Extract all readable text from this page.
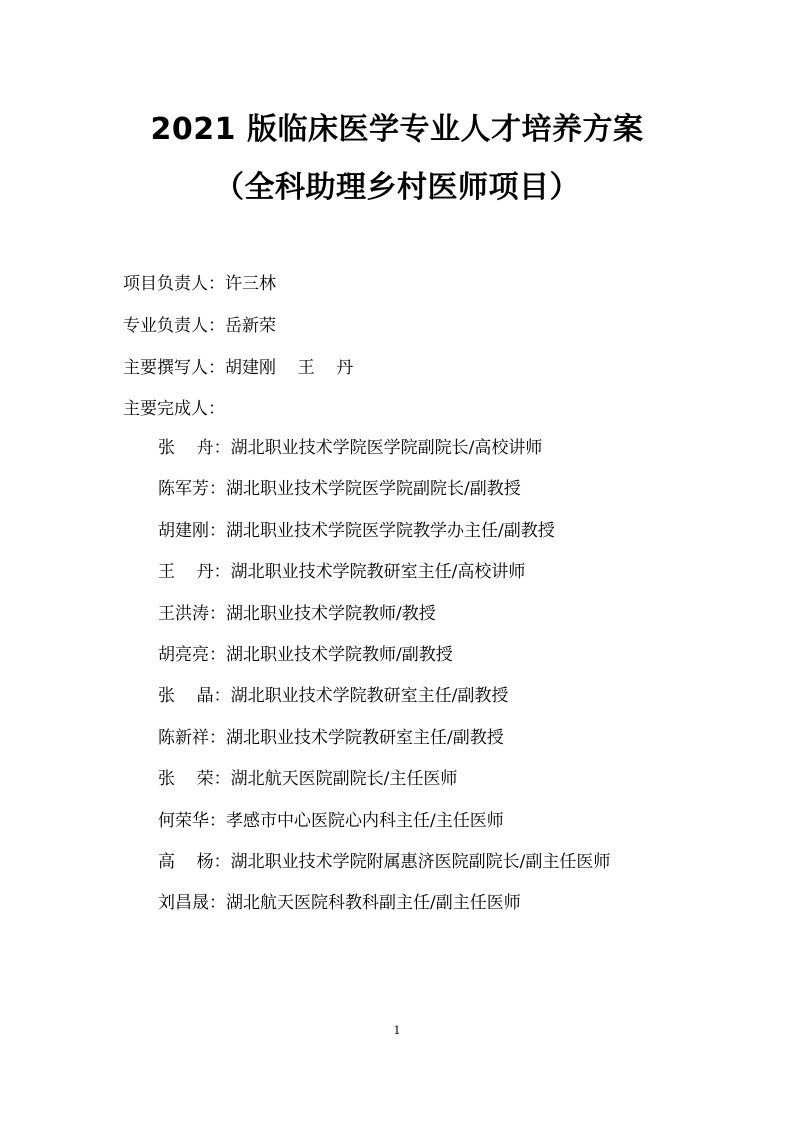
2021 版临床医学专业人才培养方案
（全科助理乡村医师项目）
项目负责人：许三林
专业负责人：岳新荣
主要撰写人：胡建刚    王    丹
主要完成人：
张    舟：湖北职业技术学院医学院副院长/高校讲师
陈军芳：湖北职业技术学院医学院副院长/副教授
胡建刚：湖北职业技术学院医学院教学办主任/副教授
王    丹：湖北职业技术学院教研室主任/高校讲师
王洪涛：湖北职业技术学院教师/教授
胡亮亮：湖北职业技术学院教师/副教授
张    晶：湖北职业技术学院教研室主任/副教授
陈新祥：湖北职业技术学院教研室主任/副教授
张    荣：湖北航天医院副院长/主任医师
何荣华：孝感市中心医院心内科主任/主任医师
高    杨：湖北职业技术学院附属惠济医院副院长/副主任医师
刘昌晟：湖北航天医院科教科副主任/副主任医师
1
